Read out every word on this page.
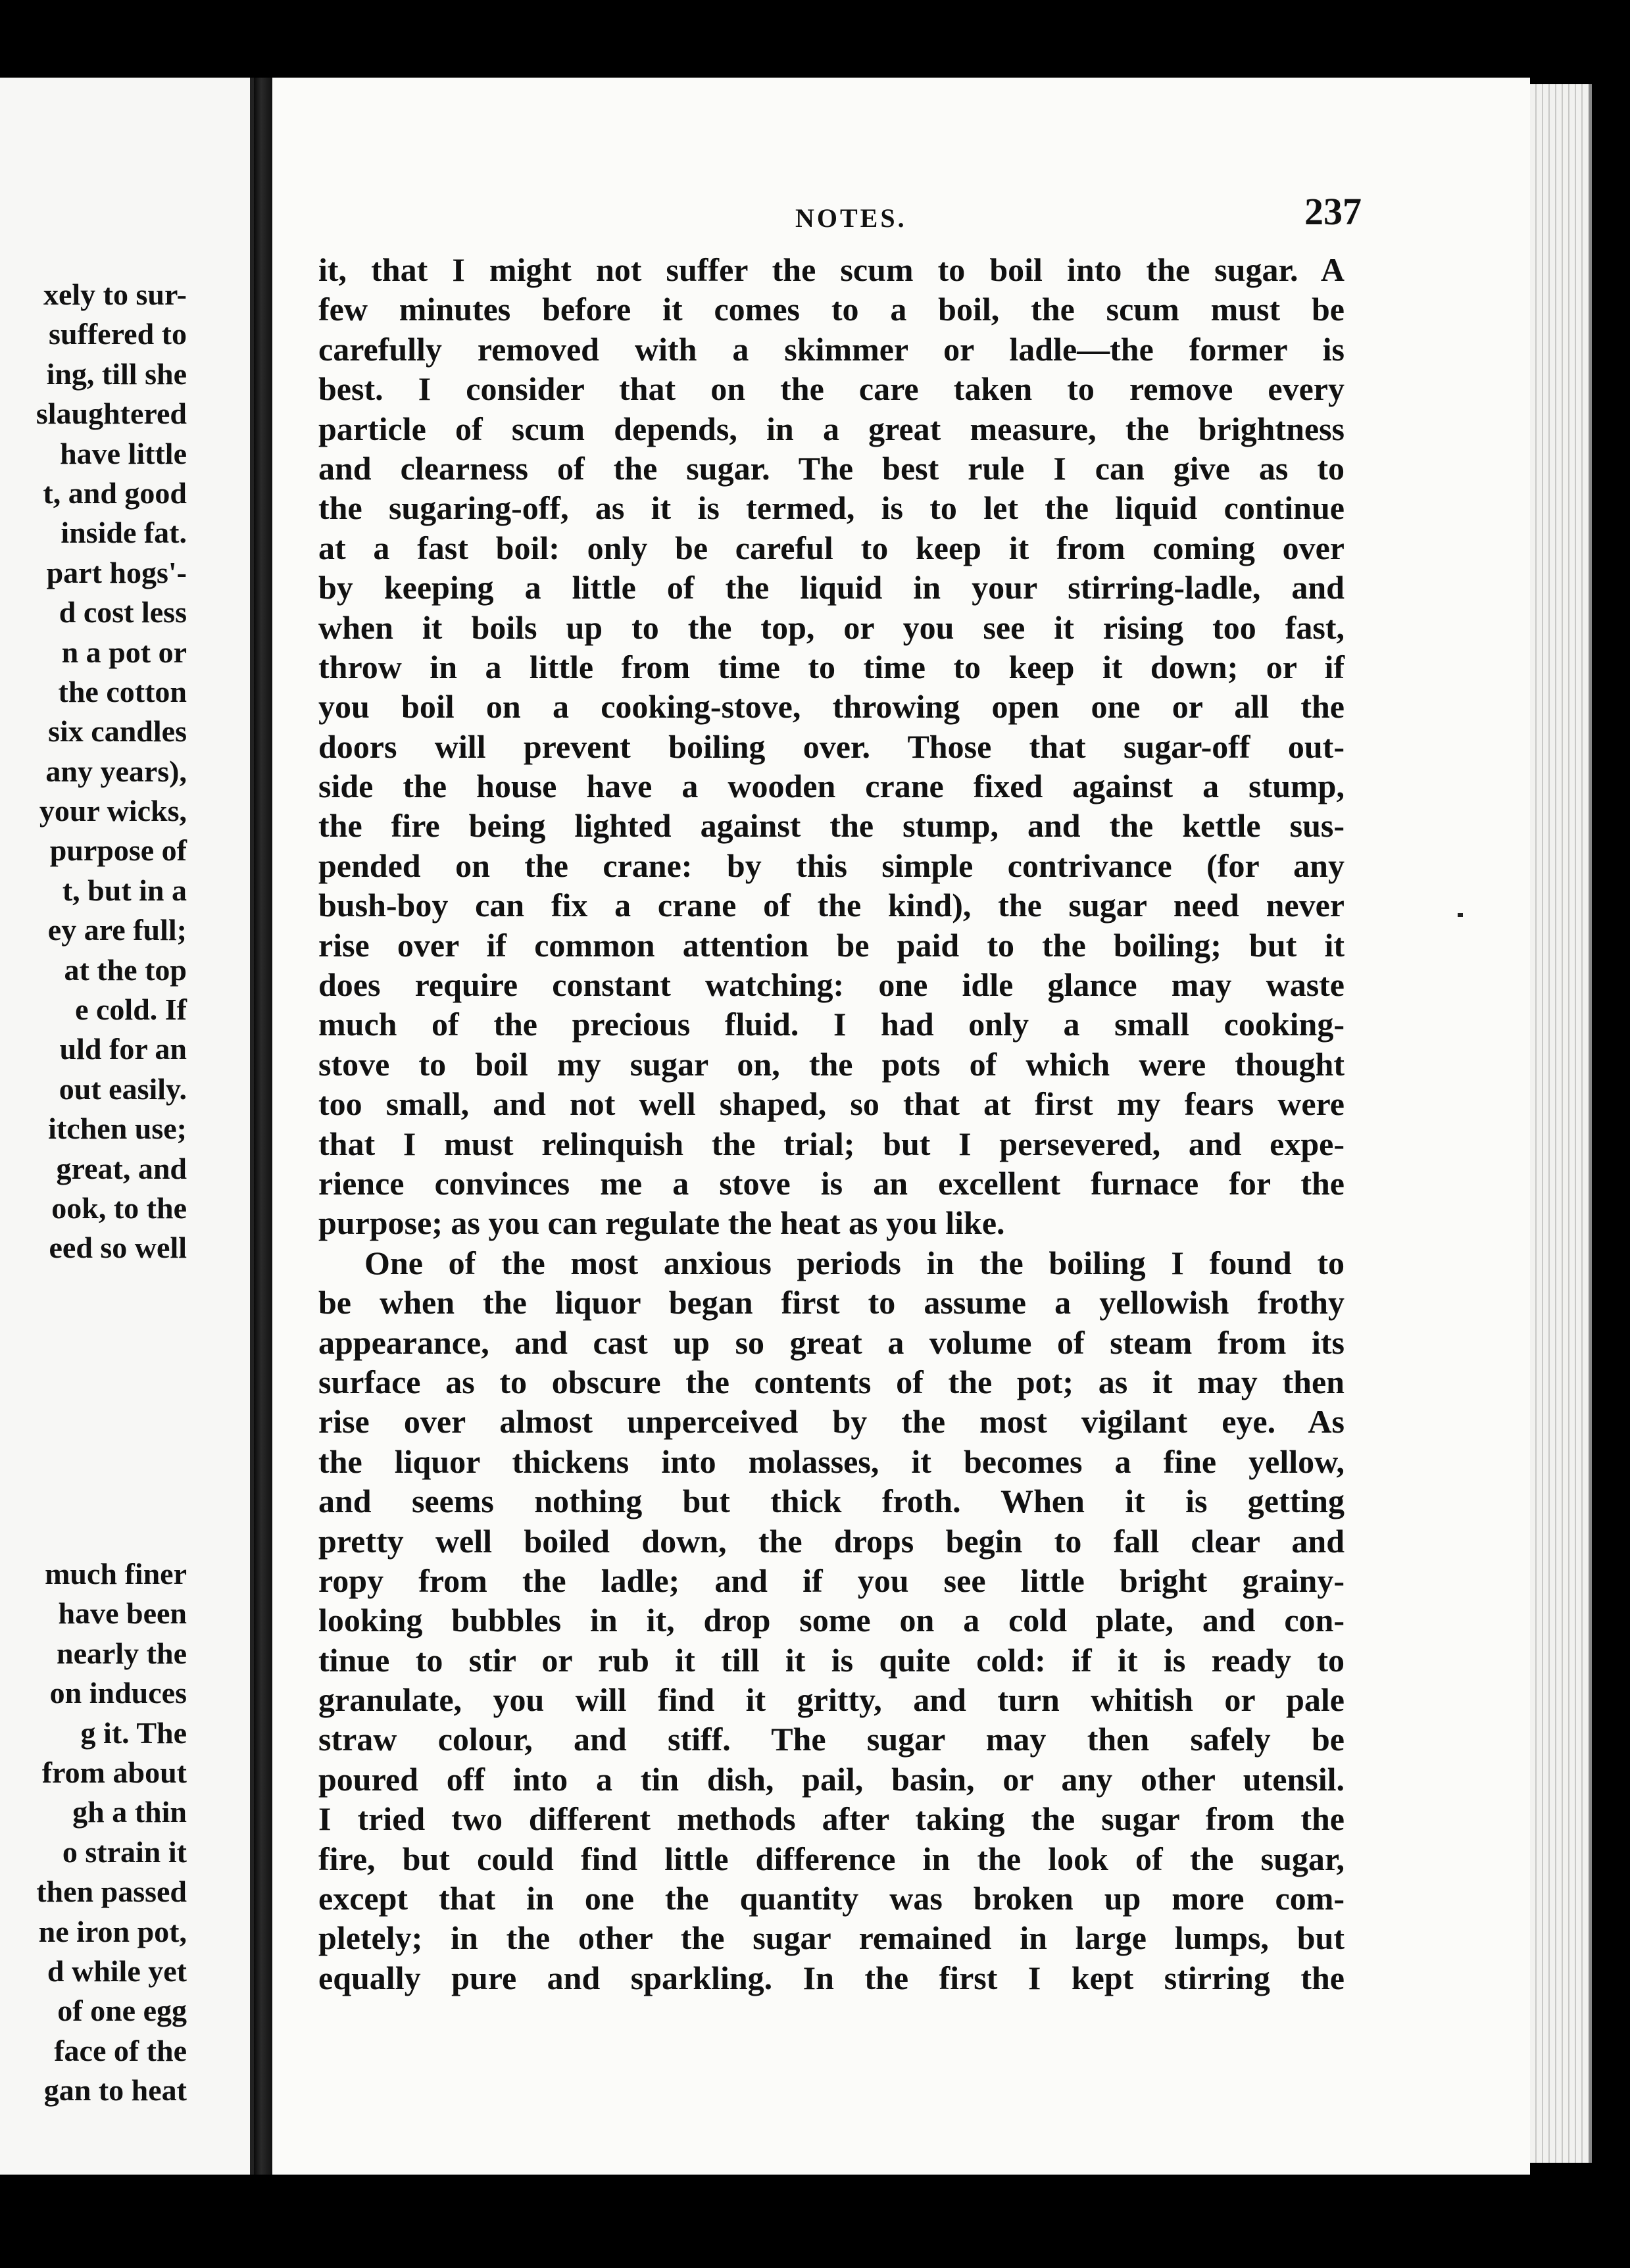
xely to sur-
suffered to
ing, till she
slaughtered
have little
t, and good
inside fat.
part hogs'-
d cost less
n a pot or
the cotton
six candles
any years),
your wicks,
purpose of
t, but in a
ey are full;
at the top
e cold. If
uld for an
out easily.
itchen use;
great, and
ook, to the
eed so well
much finer
have been
nearly the
on induces
g it. The
from about
gh a thin
o strain it
then passed
ne iron pot,
d while yet
of one egg
face of the
gan to heat
NOTES.	237
it, that I might not suffer the scum to boil into the sugar. A
few minutes before it comes to a boil, the scum must be
carefully removed with a skimmer or ladle—the former is
best. I consider that on the care taken to remove every
particle of scum depends, in a great measure, the brightness
and clearness of the sugar. The best rule I can give as to
the sugaring-off, as it is termed, is to let the liquid continue
at a fast boil: only be careful to keep it from coming over
by keeping a little of the liquid in your stirring-ladle, and
when it boils up to the top, or you see it rising too fast,
throw in a little from time to time to keep it down; or if
you boil on a cooking-stove, throwing open one or all the
doors will prevent boiling over. Those that sugar-off out-
side the house have a wooden crane fixed against a stump,
the fire being lighted against the stump, and the kettle sus-
pended on the crane: by this simple contrivance (for any
bush-boy can fix a crane of the kind), the sugar need never
rise over if common attention be paid to the boiling; but it
does require constant watching: one idle glance may waste
much of the precious fluid. I had only a small cooking-
stove to boil my sugar on, the pots of which were thought
too small, and not well shaped, so that at first my fears were
that I must relinquish the trial; but I persevered, and expe-
rience convinces me a stove is an excellent furnace for the
purpose; as you can regulate the heat as you like.
One of the most anxious periods in the boiling I found to
be when the liquor began first to assume a yellowish frothy
appearance, and cast up so great a volume of steam from its
surface as to obscure the contents of the pot; as it may then
rise over almost unperceived by the most vigilant eye. As
the liquor thickens into molasses, it becomes a fine yellow,
and seems nothing but thick froth. When it is getting
pretty well boiled down, the drops begin to fall clear and
ropy from the ladle; and if you see little bright grainy-
looking bubbles in it, drop some on a cold plate, and con-
tinue to stir or rub it till it is quite cold: if it is ready to
granulate, you will find it gritty, and turn whitish or pale
straw colour, and stiff. The sugar may then safely be
poured off into a tin dish, pail, basin, or any other utensil.
I tried two different methods after taking the sugar from the
fire, but could find little difference in the look of the sugar,
except that in one the quantity was broken up more com-
pletely; in the other the sugar remained in large lumps, but
equally pure and sparkling. In the first I kept stirring the
